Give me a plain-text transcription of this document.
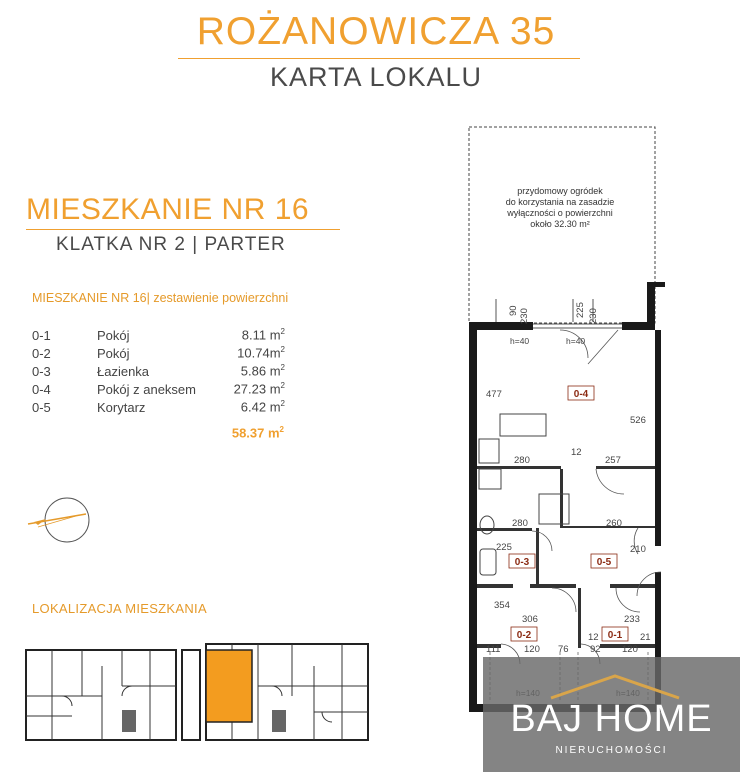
ROŻANOWICZA 35
KARTA LOKALU
MIESZKANIE NR 16
KLATKA NR 2 | PARTER
MIESZKANIE NR 16| zestawienie powierzchni
0-1	Pokój	8.11 $m^2$
0-2	Pokój	$10.74m^2$
0-3	Łazienka	5.86 $m^2$
0-4	Pokój z aneksem	27.23 $m^2$
0-5	Korytarz	6.42 $m^2$
58.37 $m^2$
LOKALIZACJA MIESZKANIA
przydomowy ogródek
do korzystania na zasadzie
wyłączności o powierzchni
około 32.30 m²
0-4
0-5
0-3
0-2	0-1
90 230	225 230
477
526
280
12
257
280	260
225	210
354
306	233
12	21
111 120 76 92 120
h=40	h=40
BAJ HOME
NIERUCHOMOŚCI
